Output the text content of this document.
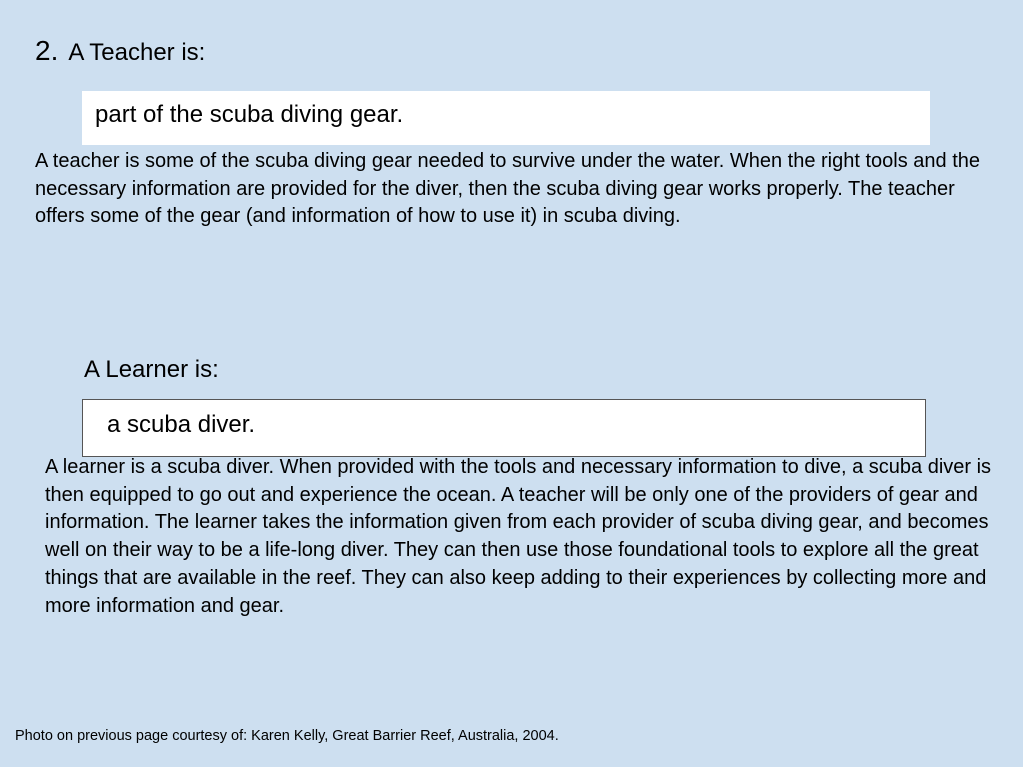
2. A Teacher is:
part of the scuba diving gear.

A teacher is some of the scuba diving gear needed to survive under the water. When the right tools and the necessary information are provided for the diver, then the scuba diving gear works properly. The teacher offers some of the gear (and information of how to use it) in scuba diving.

A Learner is:
a scuba diver.

A learner is a scuba diver. When provided with the tools and necessary information to dive, a scuba diver is then equipped to go out and experience the ocean. A teacher will be only one of the providers of gear and information. The learner takes the information given from each provider of scuba diving gear, and becomes well on their way to be a life-long diver. They can then use those foundational tools to explore all the great things that are available in the reef. They can also keep adding to their experiences by collecting more and more information and gear.

Photo on previous page courtesy of: Karen Kelly, Great Barrier Reef, Australia, 2004.
